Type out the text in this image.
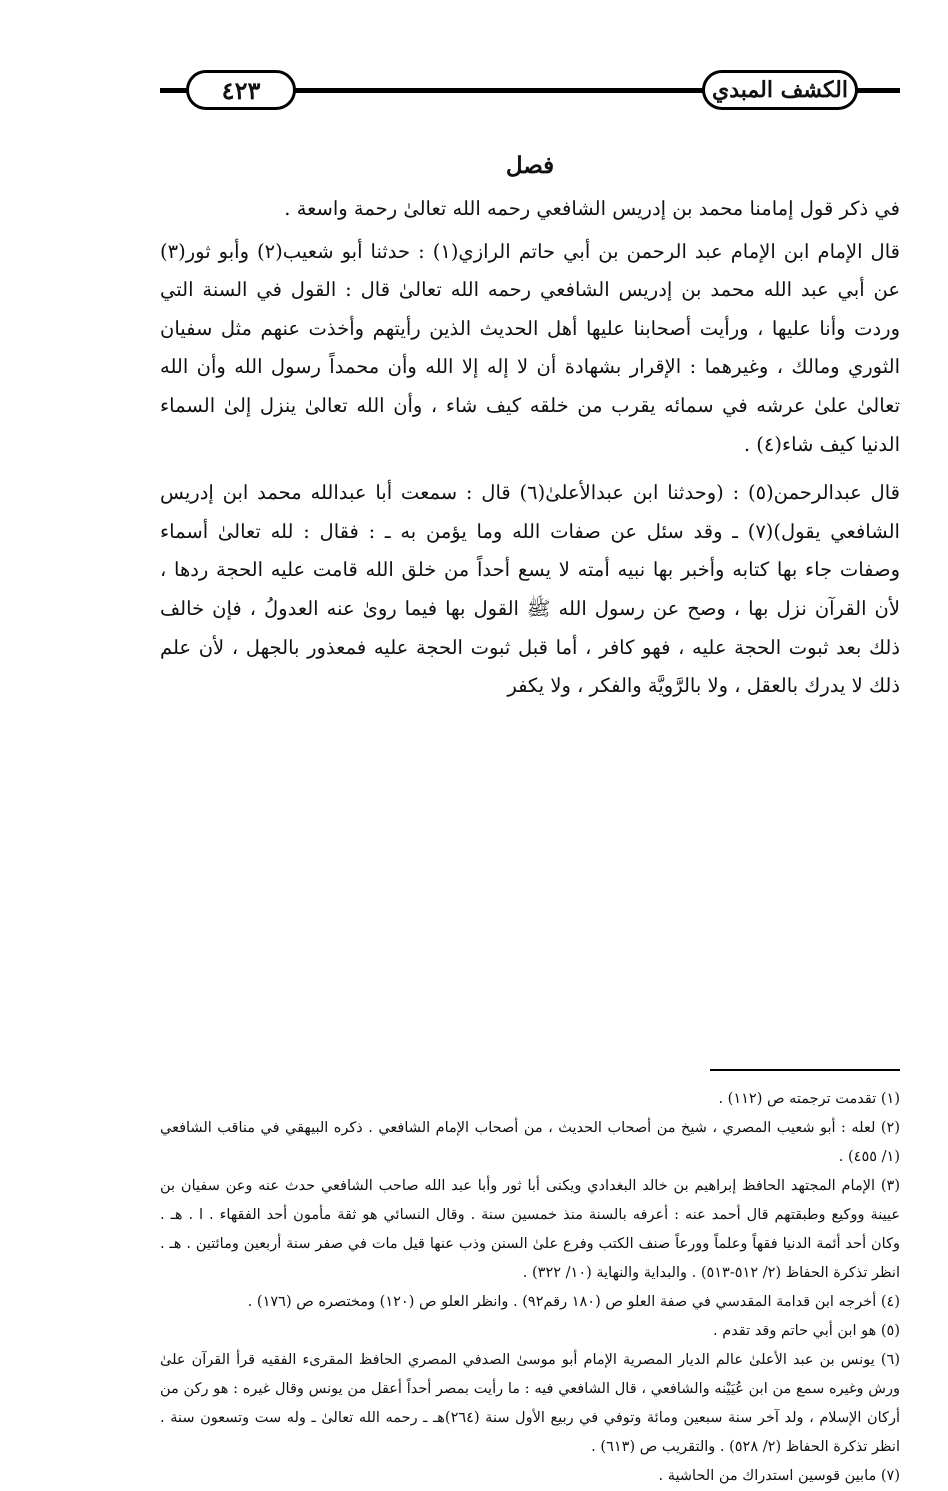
الكشف المبدي
٤٢٣
فصل

في ذكر قول إمامنا محمد بن إدريس الشافعي رحمه الله تعالىٰ رحمة واسعة .

قال الإمام ابن الإمام عبد الرحمن بن أبي حاتم الرازي(١) : حدثنا أبو شعيب(٢) وأبو ثور(٣) عن أبي عبد الله محمد بن إدريس الشافعي رحمه الله تعالىٰ قال : القول في السنة التي وردت وأنا عليها ، ورأيت أصحابنا عليها أهل الحديث الذين رأيتهم وأخذت عنهم مثل سفيان الثوري ومالك ، وغيرهما : الإقرار بشهادة أن لا إله إلا الله وأن محمداً رسول الله وأن الله تعالىٰ علىٰ عرشه في سمائه يقرب من خلقه كيف شاء ، وأن الله تعالىٰ ينزل إلىٰ السماء الدنيا كيف شاء(٤) .

قال عبدالرحمن(٥) : (وحدثنا ابن عبدالأعلىٰ(٦) قال : سمعت أبا عبدالله محمد ابن إدريس الشافعي يقول)(٧) ـ وقد سئل عن صفات الله وما يؤمن به ـ : فقال : لله تعالىٰ أسماء وصفات جاء بها كتابه وأخبر بها نبيه أمته لا يسع أحداً من خلق الله قامت عليه الحجة ردها ، لأن القرآن نزل بها ، وصح عن رسول الله ﷺ القول بها فيما روىٰ عنه العدولُ ، فإن خالف ذلك بعد ثبوت الحجة عليه ، فهو كافر ، أما قبل ثبوت الحجة عليه فمعذور بالجهل ، لأن علم ذلك لا يدرك بالعقل ، ولا بالرَّويَّة والفكر ، ولا يكفر

(١) تقدمت ترجمته ص (١١٢) .

(٢) لعله : أبو شعيب المصري ، شيخ من أصحاب الحديث ، من أصحاب الإمام الشافعي . ذكره البيهقي في مناقب الشافعي (١/ ٤٥٥) .

(٣) الإمام المجتهد الحافظ إبراهيم بن خالد البغدادي ويكنى أبا ثور وأبا عبد الله صاحب الشافعي حدث عنه وعن سفيان بن عيينة ووكيع وطبقتهم قال أحمد عنه : أعرفه بالسنة منذ خمسين سنة . وقال النسائي هو ثقة مأمون أحد الفقهاء . ا . هـ . وكان أحد أئمة الدنيا فقهاً وعلماً وورعاً صنف الكتب وفرع علىٰ السنن وذب عنها قيل مات في صفر سنة أربعين ومائتين . هـ . انظر تذكرة الحفاظ (٢/ ٥١٢-٥١٣) . والبداية والنهاية (١٠/ ٣٢٢) .

(٤) أخرجه ابن قدامة المقدسي في صفة العلو ص (١٨٠ رقم٩٢) . وانظر العلو ص (١٢٠) ومختصره ص (١٧٦) .

(٥) هو ابن أبي حاتم وقد تقدم .

(٦) يونس بن عبد الأعلىٰ عالم الديار المصرية الإمام أبو موسىٰ الصدفي المصري الحافظ المقرىء الفقيه قرأ القرآن علىٰ ورش وغيره سمع من ابن عُيَيْنه والشافعي ، قال الشافعي فيه : ما رأيت بمصر أحداً أعقل من يونس وقال غيره : هو ركن من أركان الإسلام ، ولد آخر سنة سبعين ومائة وتوفي في ربيع الأول سنة (٢٦٤)هـ ـ رحمه الله تعالىٰ ـ وله ست وتسعون سنة . انظر تذكرة الحفاظ (٢/ ٥٢٨) . والتقريب ص (٦١٣) .

(٧) مابين قوسين استدراك من الحاشية .
